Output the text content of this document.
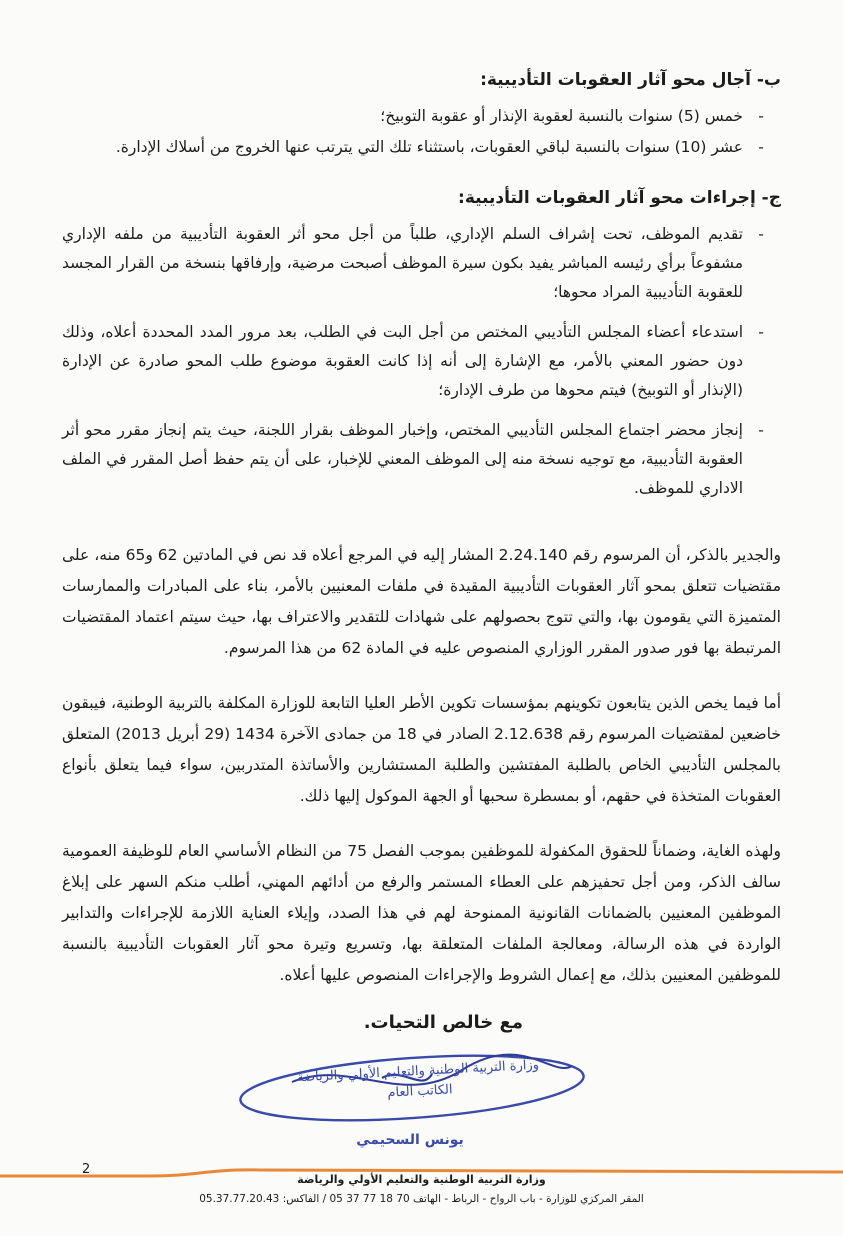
ب- آجال محو آثار العقوبات التأديبية:
-
خمس (5) سنوات بالنسبة لعقوبة الإنذار أو عقوبة التوبيخ؛
-
عشر (10) سنوات بالنسبة لباقي العقوبات، باستثناء تلك التي يترتب عنها الخروج من أسلاك الإدارة.
ج- إجراءات محو آثار العقوبات التأديبية:
-
تقديم الموظف، تحت إشراف السلم الإداري، طلباً من أجل محو أثر العقوبة التأديبية من ملفه الإداري مشفوعاً برأي رئيسه المباشر يفيد بكون سيرة الموظف أصبحت مرضية، وإرفاقها بنسخة من القرار المجسد للعقوبة التأديبية المراد محوها؛
-
استدعاء أعضاء المجلس التأديبي المختص من أجل البت في الطلب، بعد مرور المدد المحددة أعلاه، وذلك دون حضور المعني بالأمر، مع الإشارة إلى أنه إذا كانت العقوبة موضوع طلب المحو صادرة عن الإدارة (الإنذار أو التوبيخ) فيتم محوها من طرف الإدارة؛
-
إنجاز محضر اجتماع المجلس التأديبي المختص، وإخبار الموظف بقرار اللجنة، حيث يتم إنجاز مقرر محو أثر العقوبة التأديبية، مع توجيه نسخة منه إلى الموظف المعني للإخبار، على أن يتم حفظ أصل المقرر في الملف الاداري للموظف.
والجدير بالذكر، أن المرسوم رقم 2.24.140 المشار إليه في المرجع أعلاه قد نص في المادتين 62 و65 منه، على مقتضيات تتعلق بمحو آثار العقوبات التأديبية المقيدة في ملفات المعنيين بالأمر، بناء على المبادرات والممارسات المتميزة التي يقومون بها، والتي تتوج بحصولهم على شهادات للتقدير والاعتراف بها، حيث سيتم اعتماد المقتضيات المرتبطة بها فور صدور المقرر الوزاري المنصوص عليه في المادة 62 من هذا المرسوم.
أما فيما يخص الذين يتابعون تكوينهم بمؤسسات تكوين الأطر العليا التابعة للوزارة المكلفة بالتربية الوطنية، فيبقون خاضعين لمقتضيات المرسوم رقم 2.12.638 الصادر في 18 من جمادى الآخرة 1434 (29 أبريل 2013) المتعلق بالمجلس التأديبي الخاص بالطلبة المفتشين والطلبة المستشارين والأساتذة المتدربين، سواء فيما يتعلق بأنواع العقوبات المتخذة في حقهم، أو بمسطرة سحبها أو الجهة الموكول إليها ذلك.
ولهذه الغاية، وضماناً للحقوق المكفولة للموظفين بموجب الفصل 75 من النظام الأساسي العام للوظيفة العمومية سالف الذكر، ومن أجل تحفيزهم على العطاء المستمر والرفع من أدائهم المهني، أطلب منكم السهر على إبلاغ الموظفين المعنيين بالضمانات القانونية الممنوحة لهم في هذا الصدد، وإيلاء العناية اللازمة للإجراءات والتدابير الواردة في هذه الرسالة، ومعالجة الملفات المتعلقة بها، وتسريع وتيرة محو آثار العقوبات التأديبية بالنسبة للموظفين المعنيين بذلك، مع إعمال الشروط والإجراءات المنصوص عليها أعلاه.
مع خالص التحيات.
وزارة التربية الوطنية والتعليم الأولي والرياضة
الكاتب العام
يونس السحيمي
2
وزارة التربية الوطنية والتعليم الأولي والرياضة
المقر المركزي للوزارة - باب الرواح - الرباط - الهاتف 70 18 77 37 05 / الفاكس: 05.37.77.20.43
